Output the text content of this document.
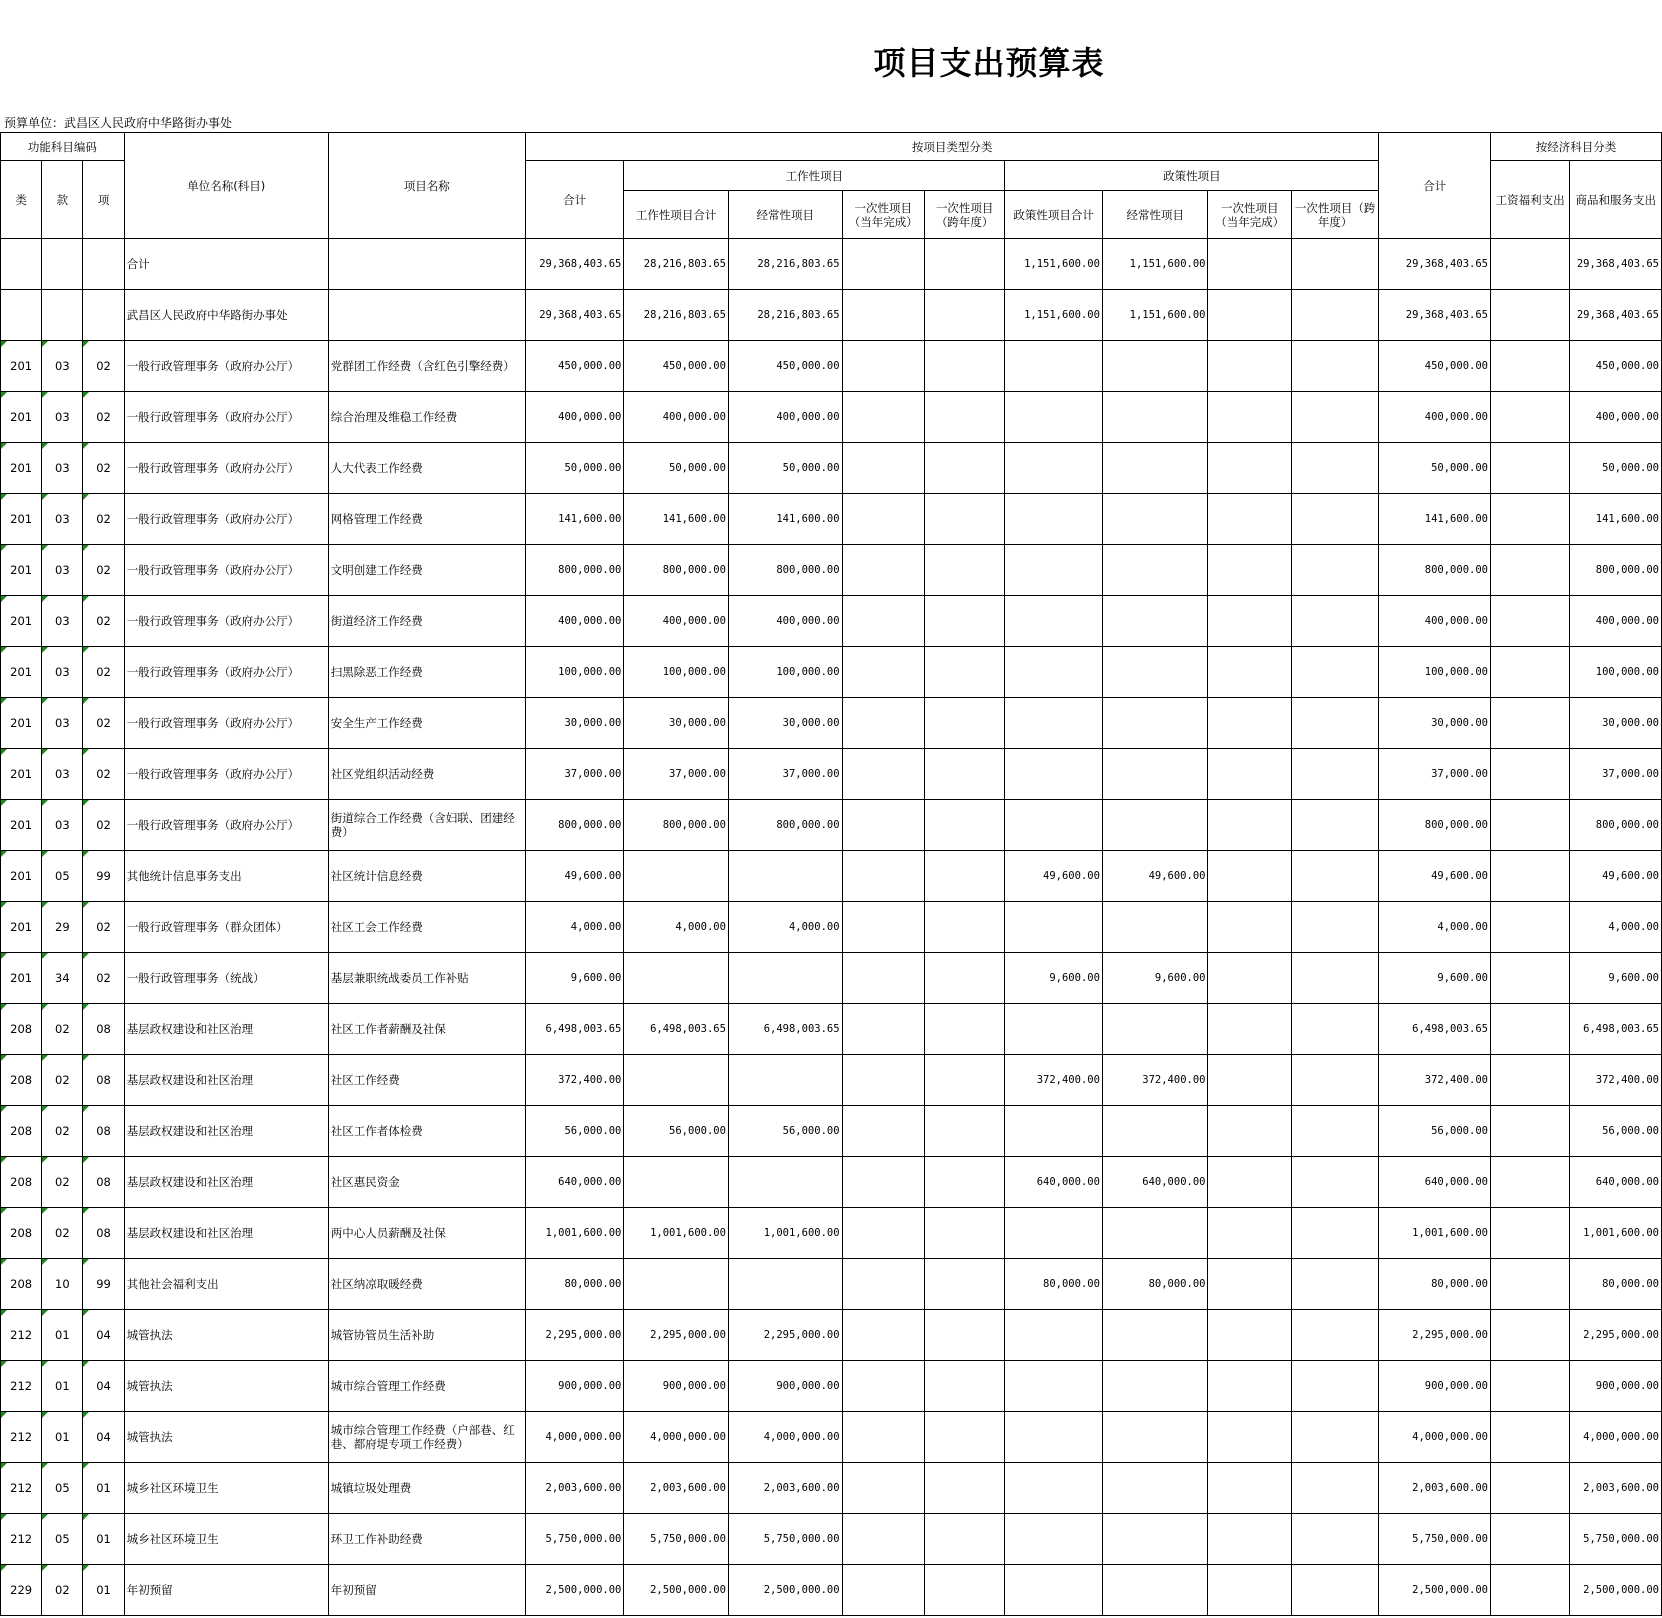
项目支出预算表
预算单位：武昌区人民政府中华路街办事处
功能科目编码			单位名称(科目)	项目名称	按项目类型分类									合计	按经济科目分类	
类	款	项			合计	工作性项目				政策性项目					工资福利支出	商品和服务支出
						工作性项目合计	经常性项目	一次性项目（当年完成）	一次性项目（跨年度）	政策性项目合计	经常性项目	一次性项目（当年完成）	一次性项目（跨年度）			
			合计		29,368,403.65	28,216,803.65	28,216,803.65			1,151,600.00	1,151,600.00			29,368,403.65		29,368,403.65
			武昌区人民政府中华路街办事处		29,368,403.65	28,216,803.65	28,216,803.65			1,151,600.00	1,151,600.00			29,368,403.65		29,368,403.65
201	03	02	一般行政管理事务（政府办公厅）	党群团工作经费（含红色引擎经费）	450,000.00	450,000.00	450,000.00							450,000.00		450,000.00
201	03	02	一般行政管理事务（政府办公厅）	综合治理及维稳工作经费	400,000.00	400,000.00	400,000.00							400,000.00		400,000.00
201	03	02	一般行政管理事务（政府办公厅）	人大代表工作经费	50,000.00	50,000.00	50,000.00							50,000.00		50,000.00
201	03	02	一般行政管理事务（政府办公厅）	网格管理工作经费	141,600.00	141,600.00	141,600.00							141,600.00		141,600.00
201	03	02	一般行政管理事务（政府办公厅）	文明创建工作经费	800,000.00	800,000.00	800,000.00							800,000.00		800,000.00
201	03	02	一般行政管理事务（政府办公厅）	街道经济工作经费	400,000.00	400,000.00	400,000.00							400,000.00		400,000.00
201	03	02	一般行政管理事务（政府办公厅）	扫黑除恶工作经费	100,000.00	100,000.00	100,000.00							100,000.00		100,000.00
201	03	02	一般行政管理事务（政府办公厅）	安全生产工作经费	30,000.00	30,000.00	30,000.00							30,000.00		30,000.00
201	03	02	一般行政管理事务（政府办公厅）	社区党组织活动经费	37,000.00	37,000.00	37,000.00							37,000.00		37,000.00
201	03	02	一般行政管理事务（政府办公厅）	街道综合工作经费（含妇联、团建经费）	800,000.00	800,000.00	800,000.00							800,000.00		800,000.00
201	05	99	其他统计信息事务支出	社区统计信息经费	49,600.00					49,600.00	49,600.00			49,600.00		49,600.00
201	29	02	一般行政管理事务（群众团体）	社区工会工作经费	4,000.00	4,000.00	4,000.00							4,000.00		4,000.00
201	34	02	一般行政管理事务（统战）	基层兼职统战委员工作补贴	9,600.00					9,600.00	9,600.00			9,600.00		9,600.00
208	02	08	基层政权建设和社区治理	社区工作者薪酬及社保	6,498,003.65	6,498,003.65	6,498,003.65							6,498,003.65		6,498,003.65
208	02	08	基层政权建设和社区治理	社区工作经费	372,400.00					372,400.00	372,400.00			372,400.00		372,400.00
208	02	08	基层政权建设和社区治理	社区工作者体检费	56,000.00	56,000.00	56,000.00							56,000.00		56,000.00
208	02	08	基层政权建设和社区治理	社区惠民资金	640,000.00					640,000.00	640,000.00			640,000.00		640,000.00
208	02	08	基层政权建设和社区治理	两中心人员薪酬及社保	1,001,600.00	1,001,600.00	1,001,600.00							1,001,600.00		1,001,600.00
208	10	99	其他社会福利支出	社区纳凉取暖经费	80,000.00					80,000.00	80,000.00			80,000.00		80,000.00
212	01	04	城管执法	城管协管员生活补助	2,295,000.00	2,295,000.00	2,295,000.00							2,295,000.00		2,295,000.00
212	01	04	城管执法	城市综合管理工作经费	900,000.00	900,000.00	900,000.00							900,000.00		900,000.00
212	01	04	城管执法	城市综合管理工作经费（户部巷、红巷、都府堤专项工作经费）	4,000,000.00	4,000,000.00	4,000,000.00							4,000,000.00		4,000,000.00
212	05	01	城乡社区环境卫生	城镇垃圾处理费	2,003,600.00	2,003,600.00	2,003,600.00							2,003,600.00		2,003,600.00
212	05	01	城乡社区环境卫生	环卫工作补助经费	5,750,000.00	5,750,000.00	5,750,000.00							5,750,000.00		5,750,000.00
229	02	01	年初预留	年初预留	2,500,000.00	2,500,000.00	2,500,000.00							2,500,000.00		2,500,000.00
